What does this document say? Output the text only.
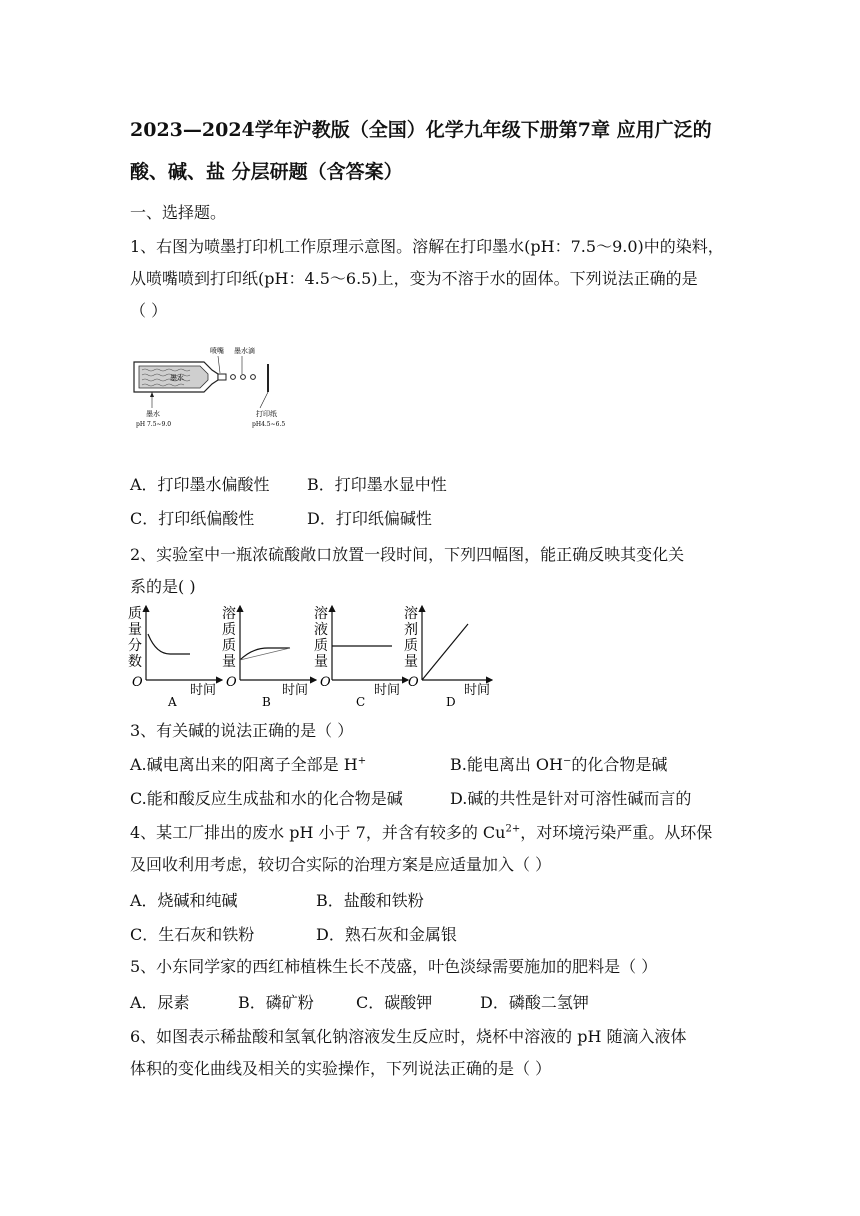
2023—2024学年沪教版（全国）化学九年级下册第7章 应用广泛的
酸、碱、盐 分层研题（含答案）
一、选择题。
1、右图为喷墨打印机工作原理示意图。溶解在打印墨水(pH：7.5～9.0)中的染料，
从喷嘴喷到打印纸(pH：4.5～6.5)上，变为不溶于水的固体。下列说法正确的是
（ ）
墨水
喷嘴 墨水滴
墨水
pH 7.5~9.0
打印纸
pH4.5~6.5
A．打印墨水偏酸性 B．打印墨水显中性
C．打印纸偏酸性	D．打印纸偏碱性
2、实验室中一瓶浓硫酸敞口放置一段时间，下列四幅图，能正确反映其变化关
系的是( )
质
量
分
数
O
时间
A
溶
质
质
量
O
时间
B
溶
液
质
量
O
时间
C
溶
剂
质
量
O
时间
D
3、有关碱的说法正确的是（ ）
A.碱电离出来的阳离子全部是 H+	B.能电离出 OH−的化合物是碱
C.能和酸反应生成盐和水的化合物是碱	D.碱的共性是针对可溶性碱而言的
4、某工厂排出的废水 pH 小于 7，并含有较多的 $Cu^{2+}$，对环境污染严重。从环保
及回收利用考虑，较切合实际的治理方案是应适量加入（ ）
A．烧碱和纯碱	B．盐酸和铁粉
C．生石灰和铁粉	D．熟石灰和金属银
5、小东同学家的西红柿植株生长不茂盛，叶色淡绿需要施加的肥料是（ ）
A．尿素	B．磷矿粉	C．碳酸钾	D．磷酸二氢钾
6、如图表示稀盐酸和氢氧化钠溶液发生反应时，烧杯中溶液的 pH 随滴入液体
体积的变化曲线及相关的实验操作，下列说法正确的是（ ）
